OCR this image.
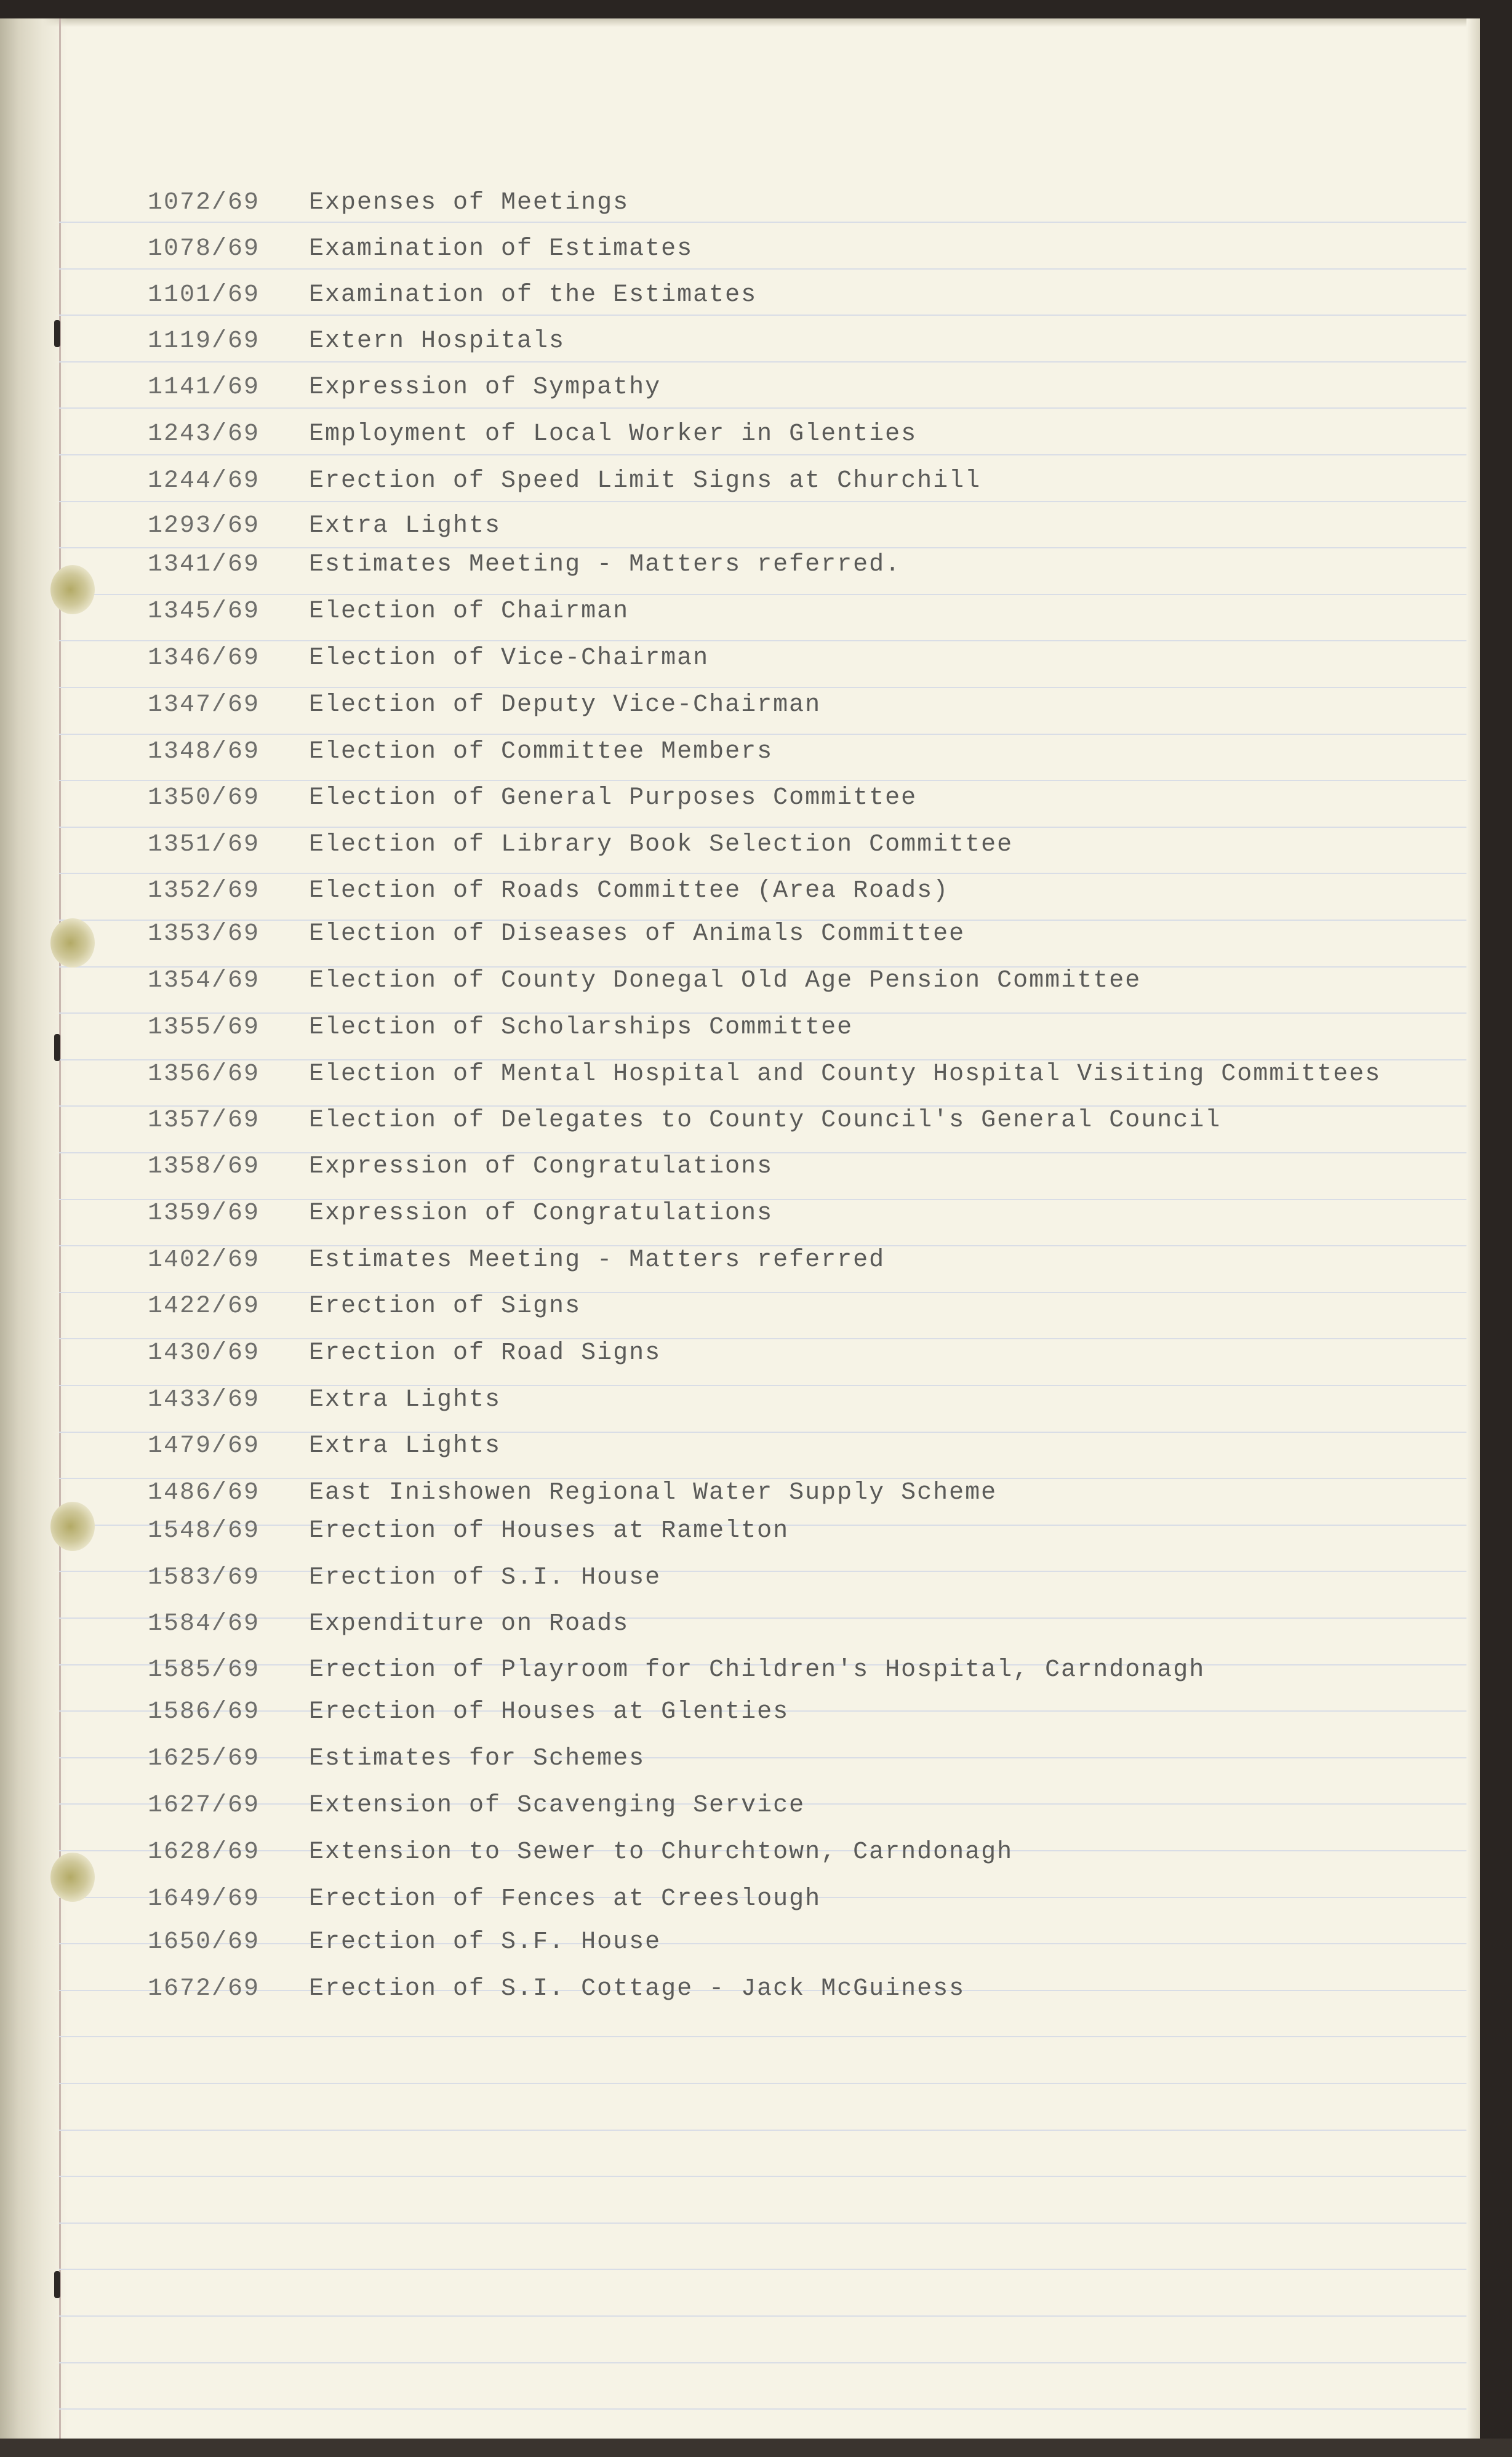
1072/69 Expenses of Meetings
1078/69 Examination of Estimates
1101/69 Examination of the Estimates
1119/69 Extern Hospitals
1141/69 Expression of Sympathy
1243/69 Employment of Local Worker in Glenties
1244/69 Erection of Speed Limit Signs at Churchill
1293/69 Extra Lights
1341/69 Estimates Meeting - Matters referred.
1345/69 Election of Chairman
1346/69 Election of Vice-Chairman
1347/69 Election of Deputy Vice-Chairman
1348/69 Election of Committee Members
1350/69 Election of General Purposes Committee
1351/69 Election of Library Book Selection Committee
1352/69 Election of Roads Committee (Area Roads)
1353/69 Election of Diseases of Animals Committee
1354/69 Election of County Donegal Old Age Pension Committee
1355/69 Election of Scholarships Committee
1356/69 Election of Mental Hospital and County Hospital Visiting Committees
1357/69 Election of Delegates to County Council's General Council
1358/69 Expression of Congratulations
1359/69 Expression of Congratulations
1402/69 Estimates Meeting - Matters referred
1422/69 Erection of Signs
1430/69 Erection of Road Signs
1433/69 Extra Lights
1479/69 Extra Lights
1486/69 East Inishowen Regional Water Supply Scheme
1548/69 Erection of Houses at Ramelton
1583/69 Erection of S.I. House
1584/69 Expenditure on Roads
1585/69 Erection of Playroom for Children's Hospital, Carndonagh
1586/69 Erection of Houses at Glenties
1625/69 Estimates for Schemes
1627/69 Extension of Scavenging Service
1628/69 Extension to Sewer to Churchtown, Carndonagh
1649/69 Erection of Fences at Creeslough
1650/69 Erection of S.F. House
1672/69 Erection of S.I. Cottage - Jack McGuiness
